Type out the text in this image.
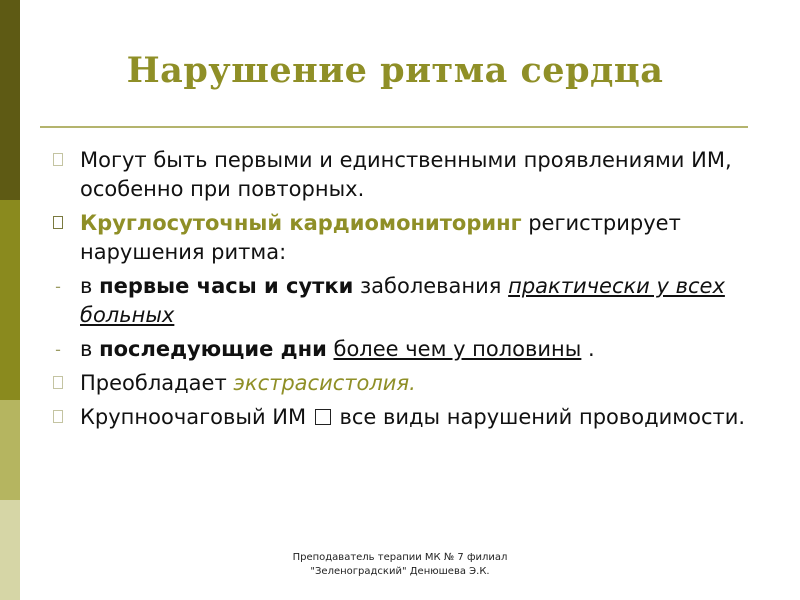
Нарушение ритма сердца
Могут быть первыми и единственными проявлениями ИМ, особенно при повторных.
Круглосуточный кардиомониторинг регистрирует нарушения ритма:
- в первые часы и сутки заболевания практически у всех больных
- в последующие дни более чем у половины .
Преобладает экстрасистолия.
Крупноочаговый ИМ  все виды нарушений проводимости.
Преподаватель терапии МК № 7 филиал
"Зеленоградский" Денюшева Э.К.
